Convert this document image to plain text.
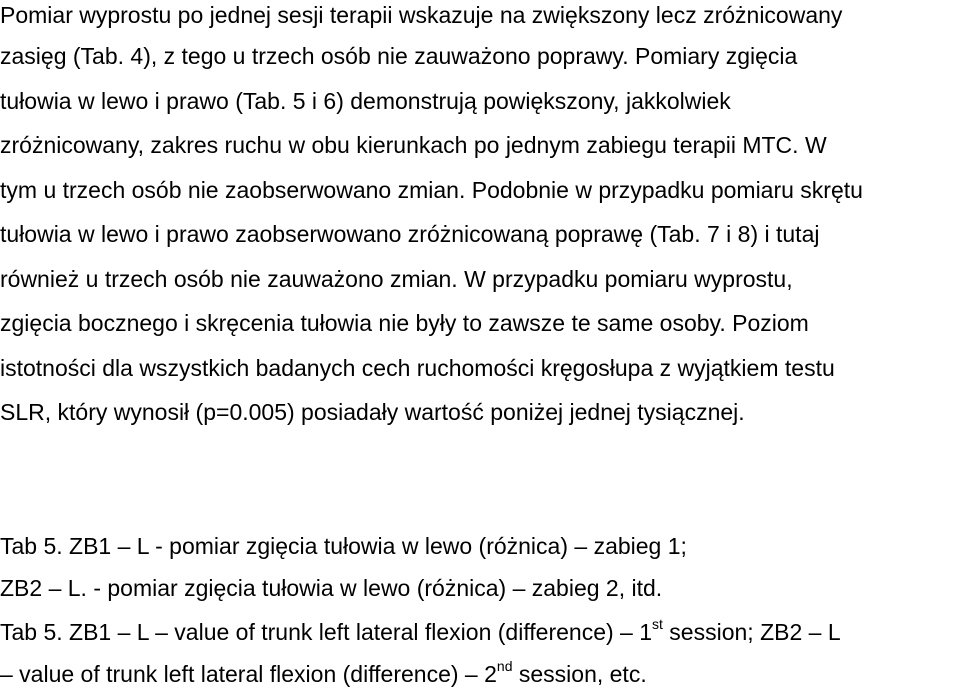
Pomiar wyprostu po jednej sesji terapii wskazuje na zwiększony lecz zróżnicowany

zasięg (Tab. 4), z tego u trzech osób nie zauważono poprawy. Pomiary zgięcia

tułowia w lewo i prawo (Tab. 5 i 6) demonstrują powiększony, jakkolwiek

zróżnicowany, zakres ruchu w obu kierunkach po jednym zabiegu terapii MTC. W

tym u trzech osób nie zaobserwowano zmian. Podobnie w przypadku pomiaru skrętu

tułowia w lewo i prawo zaobserwowano zróżnicowaną poprawę (Tab. 7 i 8) i tutaj

również u trzech osób nie zauważono zmian. W przypadku pomiaru wyprostu,

zgięcia bocznego i skręcenia tułowia nie były to zawsze te same osoby. Poziom

istotności dla wszystkich badanych cech ruchomości kręgosłupa z wyjątkiem testu

SLR, który wynosił (p=0.005) posiadały wartość poniżej jednej tysiącznej.

Tab 5. ZB1 – L - pomiar zgięcia tułowia w lewo (różnica) – zabieg 1;

ZB2 – L. - pomiar zgięcia tułowia w lewo (różnica) – zabieg 2, itd.

Tab 5. ZB1 – L – value of trunk left lateral flexion (difference) – 1st session; ZB2 – L

– value of trunk left lateral flexion (difference) – 2nd session, etc.
